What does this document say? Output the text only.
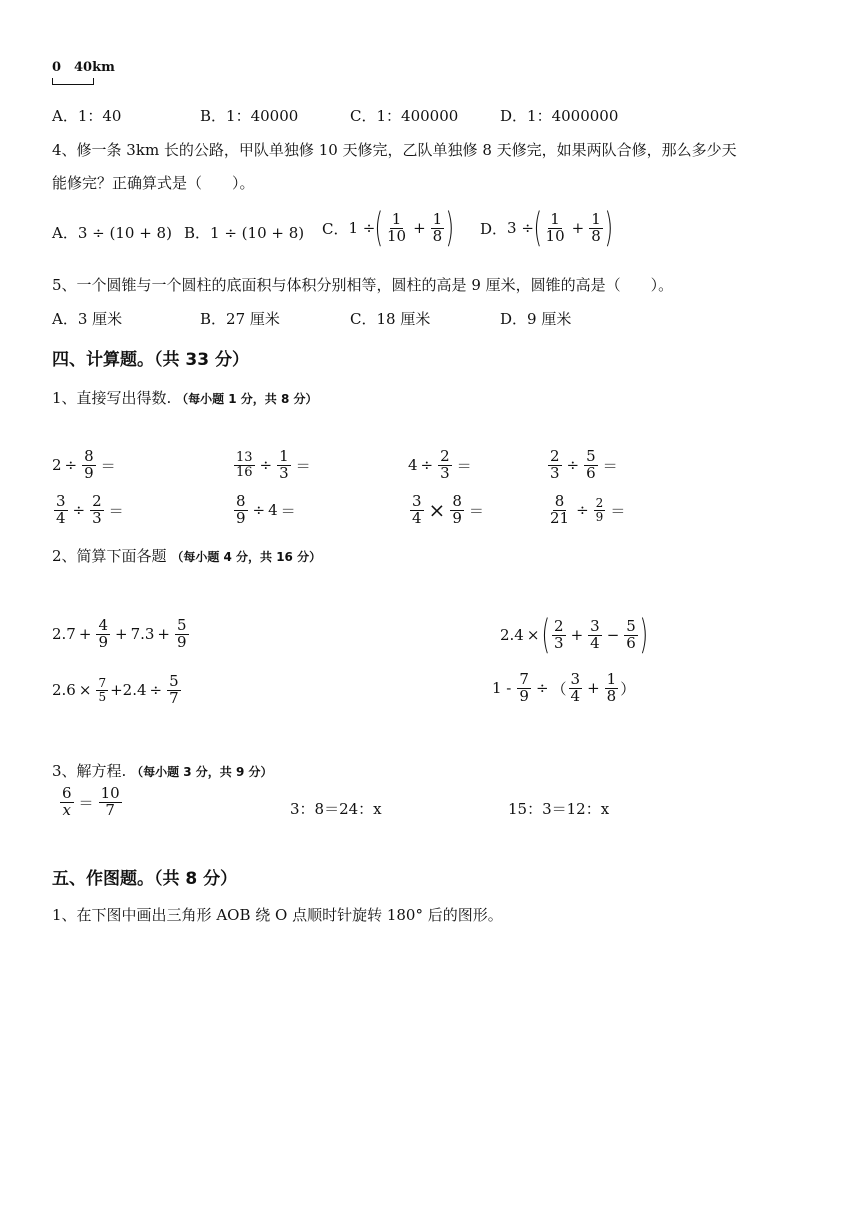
0 40km
A．1：40	B．1：40000	C．1：400000	D．1：4000000
4、修一条 3km 长的公路，甲队单独修 10 天修完，乙队单独修 8 天修完，如果两队合修，那么多少天
能修完？正确算式是（　　）。
A． 3 ÷ (10 + 8) B． 1 ÷ (10 + 8) C． 1 ÷ ( 1
$10 + \frac{1}{8}$ ) D． 3 ÷ ( 1
$10 + \frac{1}{8}$ )
5、一个圆锥与一个圆柱的底面积与体积分别相等，圆柱的高是 9 厘米，圆锥的高是（　　）。
A．3 厘米	B．27 厘米	C．18 厘米	D．9 厘米
四、计算题。（共 33 分）
1、直接写出得数. （每小题 1 分，共 8 分）
$2 \div \frac{8}{9}$ ＝	$\frac{13}{16} \div \frac{1}{3}$ ＝	$4 \div \frac{2}{3}$ ＝	$\frac{2}{3} \div \frac{5}{6}$ ＝
$\frac{3}{4} \div \frac{2}{3}$ ＝	$\frac{8}{9} \div 4$ ＝	$\frac{3}{4} \times \frac{8}{9}$ ＝	$\frac{8}{21} \div \frac{2}{9}$ ＝
2、简算下面各题 （每小题 4 分，共 16 分）
$2.7 + \frac{4}{9} + 7.3 + \frac{5}{9}$	2.4 × ( 2
$3 + \frac{3}{4} - \frac{5}{6}$ )
$2.6 \times \frac{7}{5} +2.4 \div \frac{5}{7}$	$1 - \frac{7}{9}$ ÷ （
3
$4 + \frac{1}{8}$ ）
3、解方程. （每小题 3 分，共 9 分）
6
x ＝
10
7	3：8＝24：x	15：3＝12：x
五、作图题。（共 8 分）
1、在下图中画出三角形 AOB 绕 O 点顺时针旋转 180° 后的图形。
